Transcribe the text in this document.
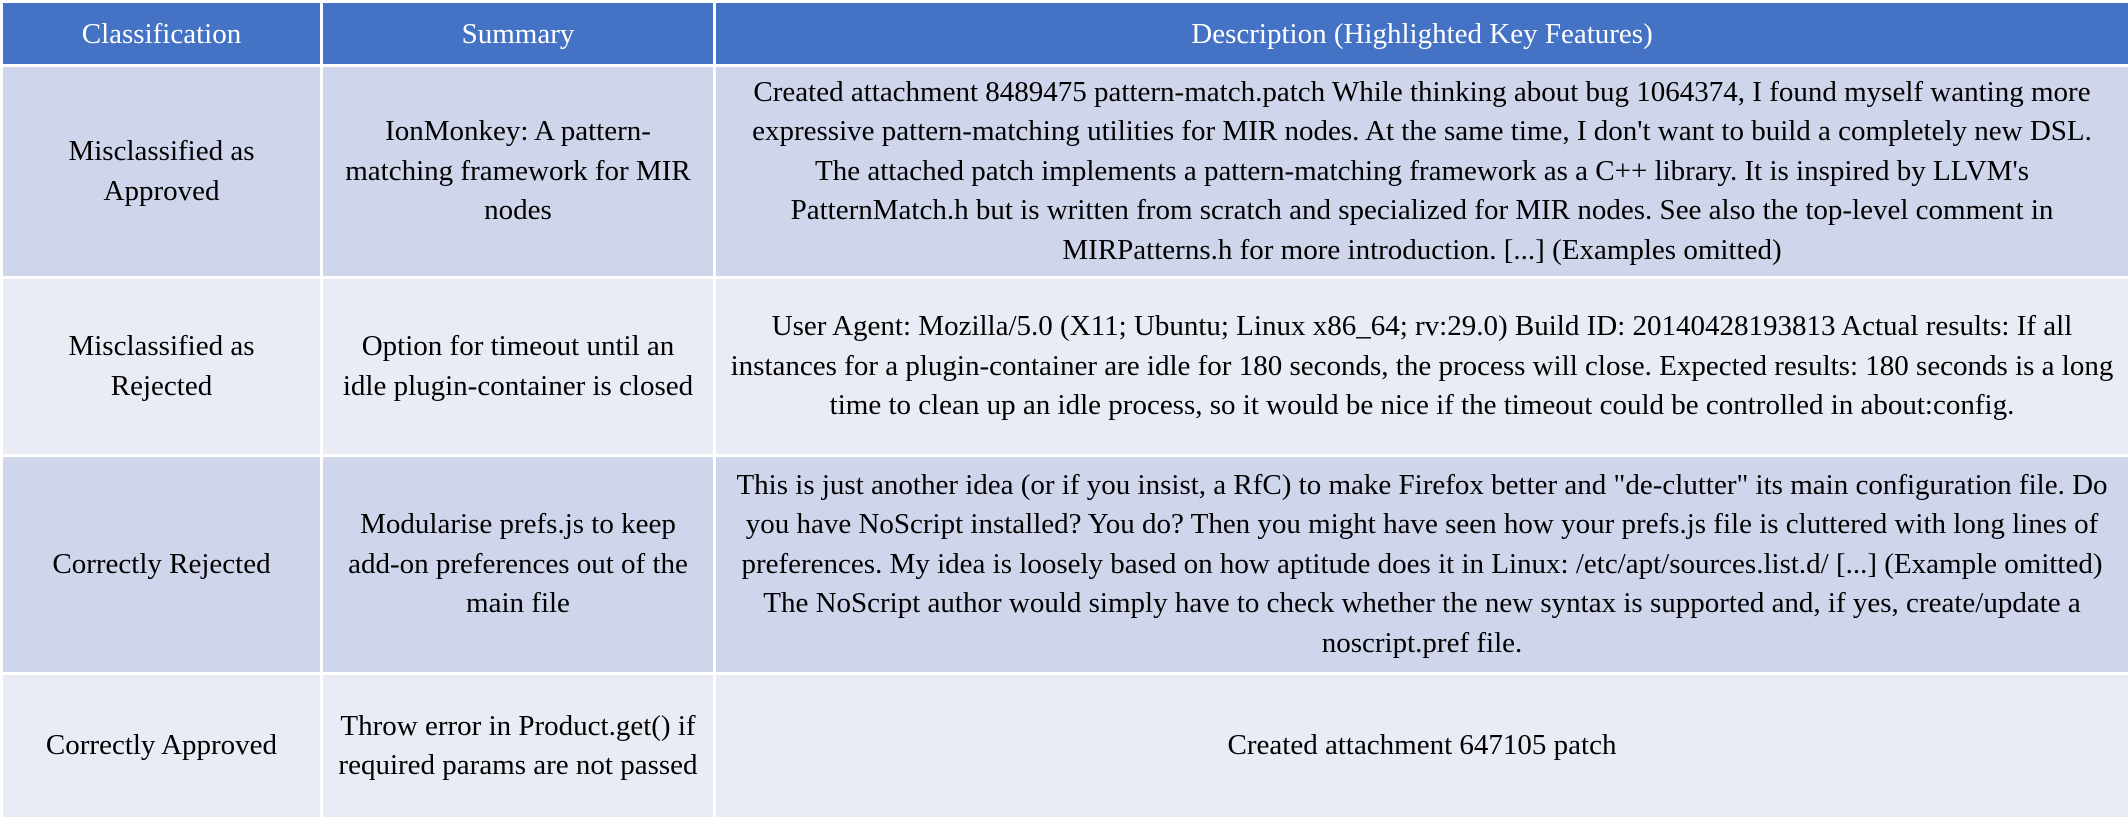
Classification	Summary	Description (Highlighted Key Features)
Misclassified as Approved	IonMonkey: A pattern-matching framework for MIR nodes	Created attachment 8489475 pattern-match.patch While thinking about bug 1064374, I found myself wanting more expressive pattern-matching utilities for MIR nodes. At the same time, I don't want to build a completely new DSL. The attached patch implements a pattern-matching framework as a C++ library. It is inspired by LLVM's PatternMatch.h but is written from scratch and specialized for MIR nodes. See also the top-level comment in MIRPatterns.h for more introduction. [...] (Examples omitted)
Misclassified as Rejected	Option for timeout until an idle plugin-container is closed	User Agent: Mozilla/5.0 (X11; Ubuntu; Linux x86_64; rv:29.0) Build ID: 20140428193813 Actual results: If all instances for a plugin-container are idle for 180 seconds, the process will close. Expected results: 180 seconds is a long time to clean up an idle process, so it would be nice if the timeout could be controlled in about:config.
Correctly Rejected	Modularise prefs.js to keep add-on preferences out of the main file	This is just another idea (or if you insist, a RfC) to make Firefox better and "de-clutter" its main configuration file. Do you have NoScript installed? You do? Then you might have seen how your prefs.js file is cluttered with long lines of preferences. My idea is loosely based on how aptitude does it in Linux: /etc/apt/sources.list.d/ [...] (Example omitted) The NoScript author would simply have to check whether the new syntax is supported and, if yes, create/update a noscript.pref file.
Correctly Approved	Throw error in Product.get() if required params are not passed	Created attachment 647105 patch
